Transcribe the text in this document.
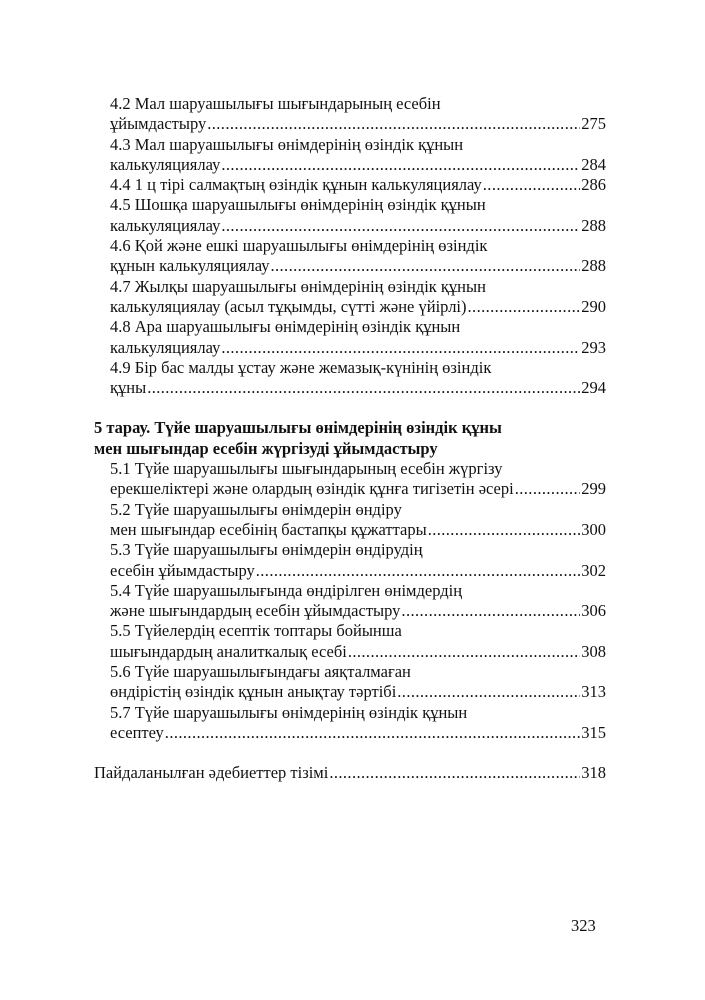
4.2 Мал шаруашылығы шығындарының есебін
ұйымдастыру .....	275
4.3 Мал шаруашылығы өнімдерінің өзіндік құнын
калькуляциялау .....	284
4.4 1 ц тірі салмақтың өзіндік құнын калькуляциялау .....	286
4.5 Шошқа шаруашылығы өнімдерінің өзіндік құнын
калькуляциялау .....	288
4.6 Қой және ешкі шаруашылығы өнімдерінің өзіндік
құнын калькуляциялау .....	288
4.7 Жылқы шаруашылығы өнімдерінің өзіндік құнын
калькуляциялау (асыл тұқымды, сүтті және үйірлі) .....	290
4.8 Ара шаруашылығы өнімдерінің өзіндік құнын
калькуляциялау .....	293
4.9 Бір бас малды ұстау және жемазық-күнінің өзіндік
құны .....	294
5 тарау. Түйе шаруашылығы өнімдерінің өзіндік құны
мен шығындар есебін жүргізуді ұйымдастыру
5.1 Түйе шаруашылығы шығындарының есебін жүргізу
ерекшеліктері және олардың өзіндік құнға тигізетін әсері .....	299
5.2 Түйе шаруашылығы өнімдерін өндіру
мен шығындар есебінің бастапқы құжаттары .....	300
5.3 Түйе шаруашылығы өнімдерін өндірудің
есебін ұйымдастыру .....	302
5.4 Түйе шаруашылығында өндірілген өнімдердің
және шығындардың есебін ұйымдастыру .....	306
5.5 Түйелердің есептік топтары бойынша
шығындардың аналиткалық есебі .....	308
5.6 Түйе шаруашылығындағы аяқталмаған
өндірістің өзіндік құнын анықтау тәртібі .....	313
5.7 Түйе шаруашылығы өнімдерінің өзіндік құнын
есептеу .....	315
Пайдаланылған әдебиеттер тізімі .....	318
323
